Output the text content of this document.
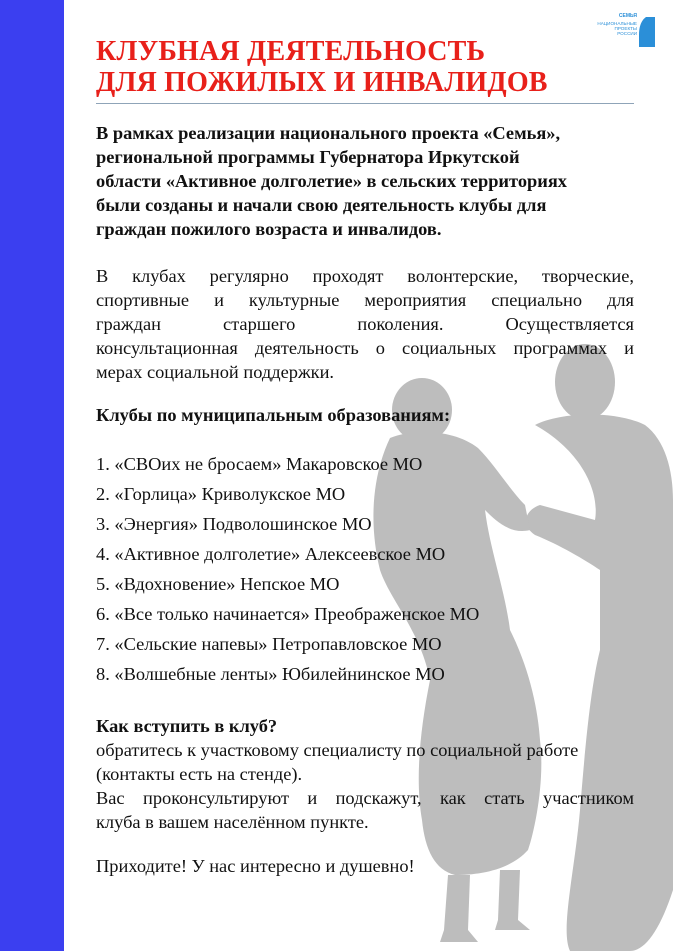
СЕМЬЯ
НАЦИОНАЛЬНЫЕ
ПРОЕКТЫ
РОССИИ
КЛУБНАЯ ДЕЯТЕЛЬНОСТЬ
ДЛЯ ПОЖИЛЫХ И ИНВАЛИДОВ
В рамках реализации национального проекта «Семья»,
региональной программы Губернатора Иркутской
области «Активное долголетие» в сельских территориях
были созданы и начали свою деятельность клубы для
граждан пожилого возраста и инвалидов.
В клубах регулярно проходят волонтерские, творческие,
спортивные и культурные мероприятия специально для
граждан старшего поколения. Осуществляется
консультационная деятельность о социальных программах и
мерах социальной поддержки.
Клубы по муниципальным образованиям:
1. «СВОих не бросаем» Макаровское МО
2. «Горлица» Криволукское МО
3. «Энергия» Подволошинское МО
4. «Активное долголетие» Алексеевское МО
5. «Вдохновение» Непское МО
6. «Все только начинается» Преображенское МО
7. «Сельские напевы» Петропавловское МО
8. «Волшебные ленты» Юбилейнинское МО
Как вступить в клуб?
обратитесь к участковому специалисту по социальной работе
(контакты есть на стенде).
Вас проконсультируют и подскажут, как стать участником
клуба в вашем населённом пункте.
Приходите! У нас интересно и душевно!
